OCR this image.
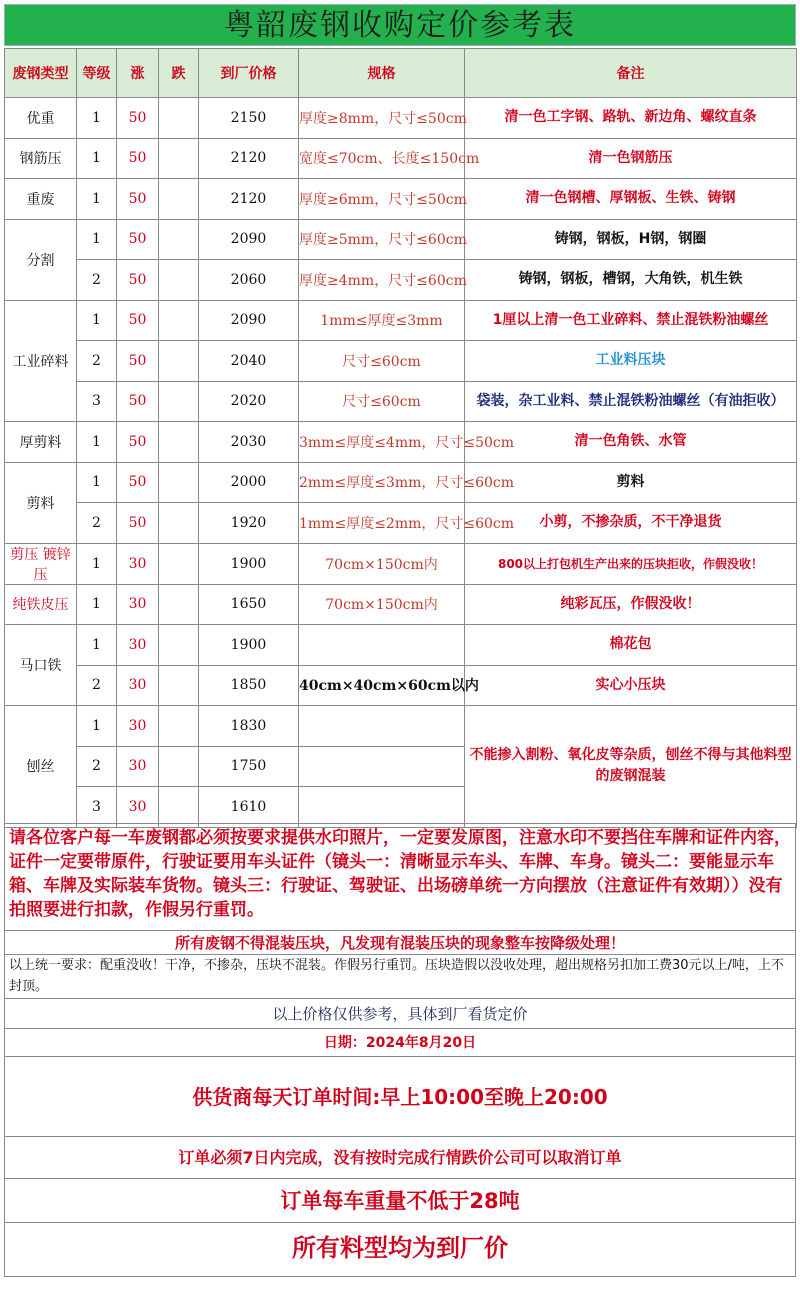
粤韶废钢收购定价参考表
废钢类型	等级	涨	跌	到厂价格	规格	备注
优重	1	50		2150	厚度≥8mm，尺寸≤50cm	清一色工字钢、路轨、新边角、螺纹直条
钢筋压	1	50		2120	宽度≤70cm、长度≤150cm	清一色钢筋压
重废	1	50		2120	厚度≥6mm，尺寸≤50cm	清一色钢槽、厚钢板、生铁、铸钢
分割	1	50		2090	厚度≥5mm，尺寸≤60cm	铸钢，钢板，H钢，钢圈
	2	50		2060	厚度≥4mm，尺寸≤60cm	铸钢，钢板，槽钢，大角铁，机生铁
工业碎料	1	50		2090	1mm≤厚度≤3mm	1厘以上清一色工业碎料、禁止混铁粉油螺丝
	2	50		2040	尺寸≤60cm	工业料压块
	3	50		2020	尺寸≤60cm	袋装，杂工业料、禁止混铁粉油螺丝（有油拒收）
厚剪料	1	50		2030	3mm≤厚度≤4mm，尺寸≤50cm	清一色角铁、水管
剪料	1	50		2000	2mm≤厚度≤3mm，尺寸≤60cm	剪料
	2	50		1920	1mm≤厚度≤2mm，尺寸≤60cm	小剪，不掺杂质，不干净退货
剪压 镀锌压	1	30		1900	70cm×150cm内	800以上打包机生产出来的压块拒收，作假没收！
纯铁皮压	1	30		1650	70cm×150cm内	纯彩瓦压，作假没收！
马口铁	1	30		1900		棉花包
	2	30		1850	40cm×40cm×60cm以内	实心小压块
刨丝	1	30		1830		不能掺入割粉、氧化皮等杂质，刨丝不得与其他料型的废钢混装
	2	30		1750		
	3	30		1610		
请各位客户每一车废钢都必须按要求提供水印照片，一定要发原图，注意水印不要挡住车牌和证件内容，证件一定要带原件，行驶证要用车头证件（镜头一：清晰显示车头、车牌、车身。镜头二：要能显示车箱、车牌及实际装车货物。镜头三：行驶证、驾驶证、出场磅单统一方向摆放（注意证件有效期））没有拍照要进行扣款，作假另行重罚。
所有废钢不得混装压块，凡发现有混装压块的现象整车按降级处理！
以上统一要求：配重没收！干净，不掺杂，压块不混装。作假另行重罚。压块造假以没收处理，超出规格另扣加工费30元以上/吨，上不封顶。
以上价格仅供参考，具体到厂看货定价
日期：2024年8月20日
供货商每天订单时间:早上10:00至晚上20:00
订单必须7日内完成，没有按时完成行情跌价公司可以取消订单
订单每车重量不低于28吨
所有料型均为到厂价
